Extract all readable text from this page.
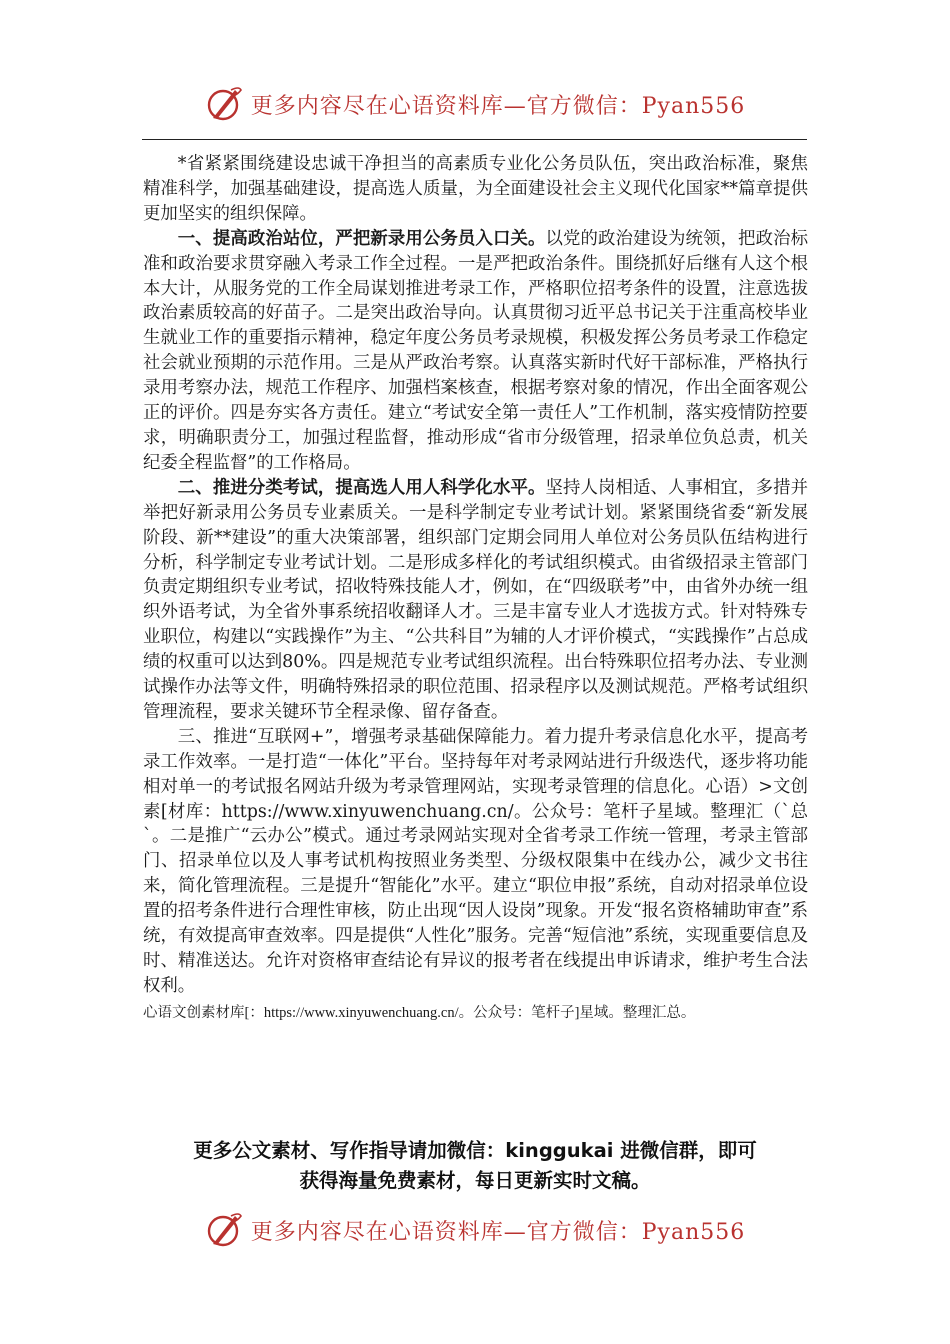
更多内容尽在心语资料库—官方微信：Pyan556

*省紧紧围绕建设忠诚干净担当的高素质专业化公务员队伍，突出政治标准，聚焦精准科学，加强基础建设，提高选人质量，为全面建设社会主义现代化国家**篇章提供更加坚实的组织保障。

一、提高政治站位，严把新录用公务员入口关。以党的政治建设为统领，把政治标准和政治要求贯穿融入考录工作全过程。一是严把政治条件。围绕抓好后继有人这个根本大计，从服务党的工作全局谋划推进考录工作，严格职位招考条件的设置，注意选拔政治素质较高的好苗子。二是突出政治导向。认真贯彻习近平总书记关于注重高校毕业生就业工作的重要指示精神，稳定年度公务员考录规模，积极发挥公务员考录工作稳定社会就业预期的示范作用。三是从严政治考察。认真落实新时代好干部标准，严格执行录用考察办法，规范工作程序、加强档案核查，根据考察对象的情况，作出全面客观公正的评价。四是夯实各方责任。建立“考试安全第一责任人”工作机制，落实疫情防控要求，明确职责分工，加强过程监督，推动形成“省市分级管理，招录单位负总责，机关纪委全程监督”的工作格局。

二、推进分类考试，提高选人用人科学化水平。坚持人岗相适、人事相宜，多措并举把好新录用公务员专业素质关。一是科学制定专业考试计划。紧紧围绕省委“新发展阶段、新**建设”的重大决策部署，组织部门定期会同用人单位对公务员队伍结构进行分析，科学制定专业考试计划。二是形成多样化的考试组织模式。由省级招录主管部门负责定期组织专业考试，招收特殊技能人才，例如，在“四级联考”中，由省外办统一组织外语考试，为全省外事系统招收翻译人才。三是丰富专业人才选拔方式。针对特殊专业职位，构建以“实践操作”为主、“公共科目”为辅的人才评价模式，“实践操作”占总成绩的权重可以达到80%。四是规范专业考试组织流程。出台特殊职位招考办法、专业测试操作办法等文件，明确特殊招录的职位范围、招录程序以及测试规范。严格考试组织管理流程，要求关键环节全程录像、留存备查。

三、推进“互联网+”，增强考录基础保障能力。着力提升考录信息化水平，提高考录工作效率。一是打造“一体化”平台。坚持每年对考录网站进行升级迭代，逐步将功能相对单一的考试报名网站升级为考录管理网站，实现考录管理的信息化。心语）>文创素[材库：https://www.xinyuwenchuang.cn/。公众号：笔杆子星域。整理汇（`总`。二是推广“云办公”模式。通过考录网站实现对全省考录工作统一管理，考录主管部门、招录单位以及人事考试机构按照业务类型、分级权限集中在线办公，减少文书往来，简化管理流程。三是提升“智能化”水平。建立“职位申报”系统，自动对招录单位设置的招考条件进行合理性审核，防止出现“因人设岗”现象。开发“报名资格辅助审查”系统，有效提高审查效率。四是提供“人性化”服务。完善“短信池”系统，实现重要信息及时、精准送达。允许对资格审查结论有异议的报考者在线提出申诉请求，维护考生合法权利。

心语文创素材库[：https://www.xinyuwenchuang.cn/。公众号：笔杆子]星域。整理汇总。

更多公文素材、写作指导请加微信：kinggukai 进微信群，即可
获得海量免费素材，每日更新实时文稿。
更多内容尽在心语资料库—官方微信：Pyan556
